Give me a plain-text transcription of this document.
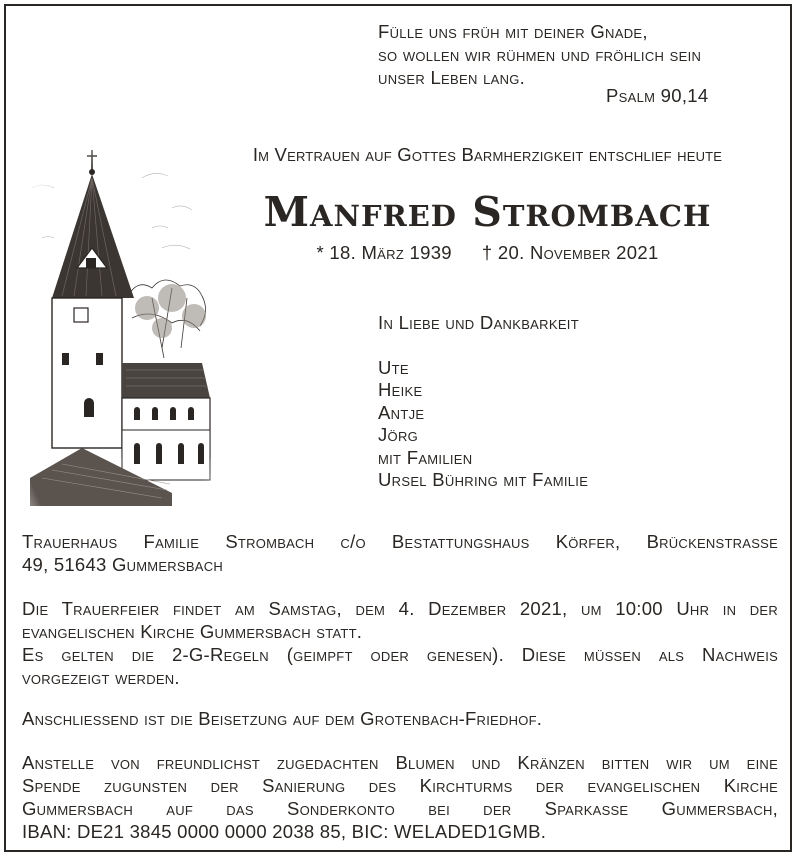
Fülle uns früh mit deiner Gnade,
so wollen wir rühmen und fröhlich sein
unser Leben lang.
Psalm 90,14
Im Vertrauen auf Gottes Barmherzigkeit entschlief heute
Manfred Strombach
* 18. März 1939 † 20. November 2021
In Liebe und Dankbarkeit
Ute
Heike
Antje
Jörg
mit Familien
Ursel Bühring mit Familie
Trauerhaus Familie Strombach c/o Bestattungshaus Körfer, Brückenstrasse
49, 51643 Gummersbach
Die Trauerfeier findet am Samstag, dem 4. Dezember 2021, um 10:00 Uhr in der
evangelischen Kirche Gummersbach statt.
Es gelten die 2-G-Regeln (geimpft oder genesen). Diese müssen als Nachweis
vorgezeigt werden.
Anschliessend ist die Beisetzung auf dem Grotenbach-Friedhof.
Anstelle von freundlichst zugedachten Blumen und Kränzen bitten wir um eine
Spende zugunsten der Sanierung des Kirchturms der evangelischen Kirche
Gummersbach auf das Sonderkonto bei der Sparkasse Gummersbach,
IBAN: DE21 3845 0000 0000 2038 85, BIC: WELADED1GMB.
